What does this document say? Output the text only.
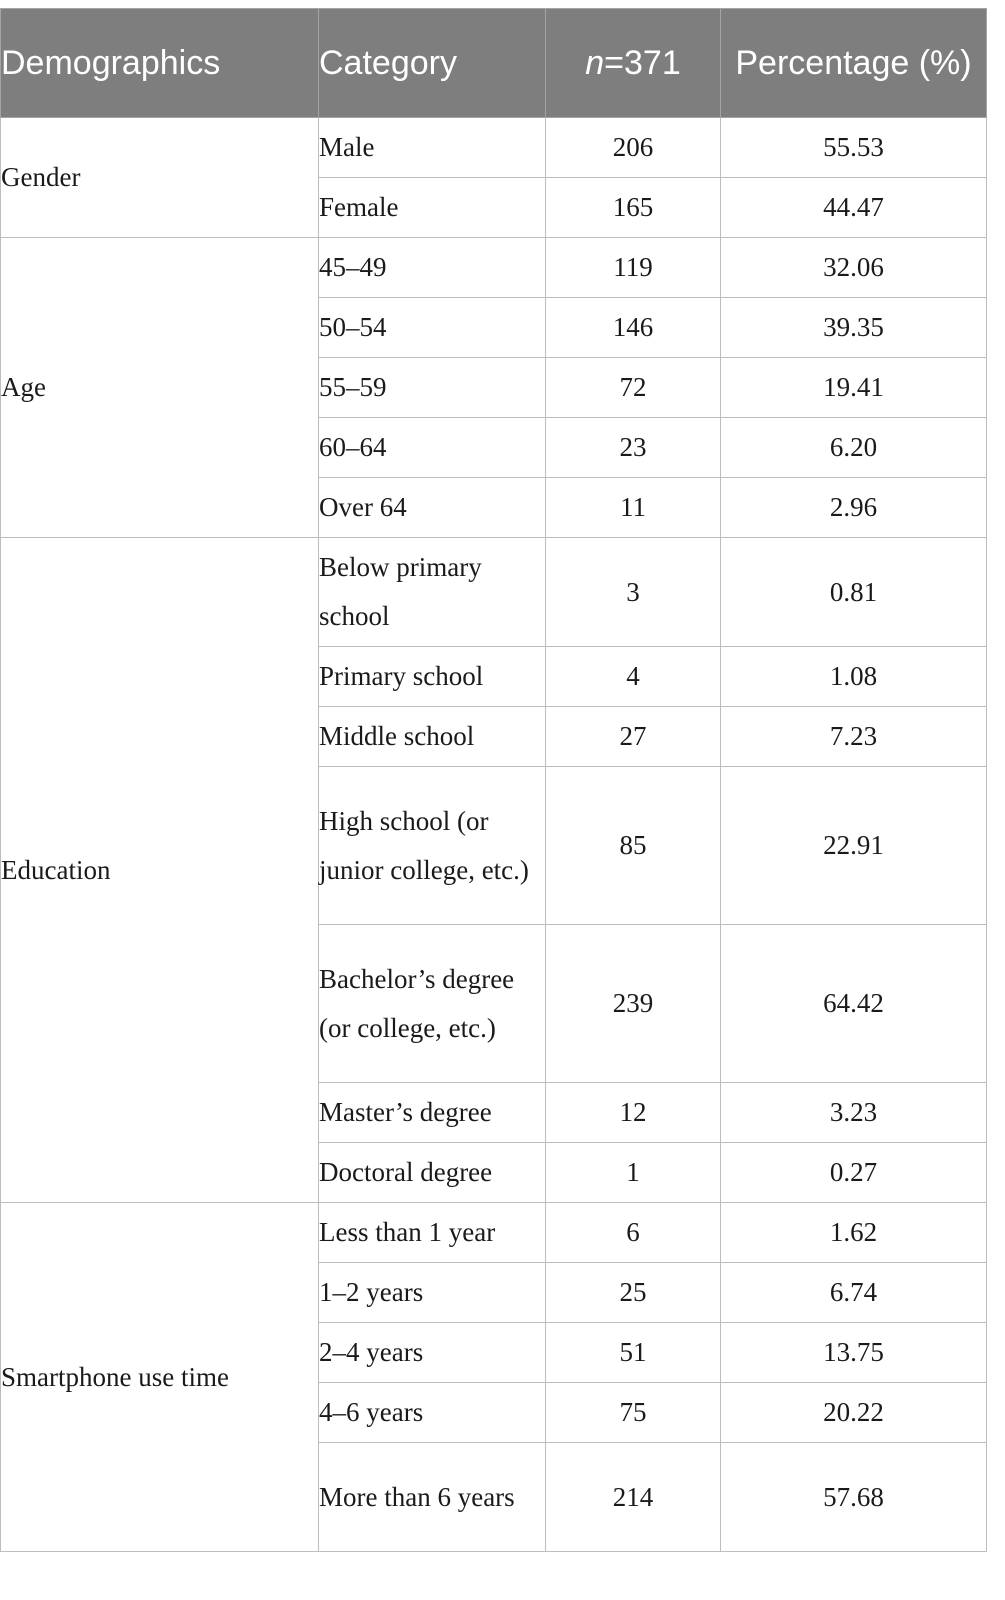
Demographics	Category	n=371	Percentage (%)
Gender	Male	206	55.53
	Female	165	44.47
Age	45–49	119	32.06
	50–54	146	39.35
	55–59	72	19.41
	60–64	23	6.20
	Over 64	11	2.96
Education	Below primary school	3	0.81
	Primary school	4	1.08
	Middle school	27	7.23
	High school (or junior college, etc.)	85	22.91
	Bachelor’s degree (or college, etc.)	239	64.42
	Master’s degree	12	3.23
	Doctoral degree	1	0.27
Smartphone use time	Less than 1 year	6	1.62
	1–2 years	25	6.74
	2–4 years	51	13.75
	4–6 years	75	20.22
	More than 6 years	214	57.68
